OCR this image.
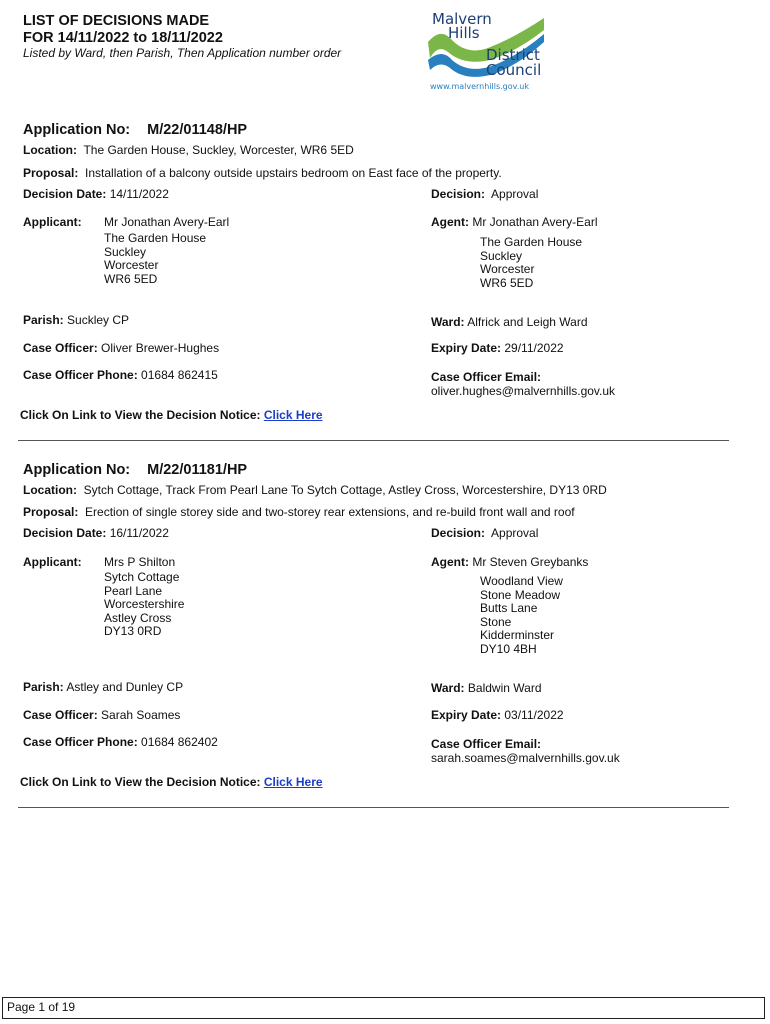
LIST OF DECISIONS MADE
FOR 14/11/2022 to 18/11/2022
Listed by Ward, then Parish, Then Application number order
Malvern
Hills
District
Council
www.malvernhills.gov.uk
Application No: M/22/01148/HP
Location: The Garden House, Suckley, Worcester, WR6 5ED
Proposal: Installation of a balcony outside upstairs bedroom on East face of the property.
Decision Date: 14/11/2022	Decision: Approval
Applicant: Mr Jonathan Avery-Earl
The Garden House
Suckley
Worcester
WR6 5ED
Agent: Mr Jonathan Avery-Earl
The Garden House
Suckley
Worcester
WR6 5ED
Parish: Suckley CP	Ward: Alfrick and Leigh Ward
Case Officer: Oliver Brewer-Hughes	Expiry Date: 29/11/2022
Case Officer Phone: 01684 862415	Case Officer Email:
oliver.hughes@malvernhills.gov.uk
Click On Link to View the Decision Notice: Click Here
Application No: M/22/01181/HP
Location: Sytch Cottage, Track From Pearl Lane To Sytch Cottage, Astley Cross, Worcestershire, DY13 0RD
Proposal: Erection of single storey side and two-storey rear extensions, and re-build front wall and roof
Decision Date: 16/11/2022	Decision: Approval
Applicant: Mrs P Shilton
Sytch Cottage
Pearl Lane
Worcestershire
Astley Cross
DY13 0RD
Agent: Mr Steven Greybanks
Woodland View
Stone Meadow
Butts Lane
Stone
Kidderminster
DY10 4BH
Parish: Astley and Dunley CP	Ward: Baldwin Ward
Case Officer: Sarah Soames	Expiry Date: 03/11/2022
Case Officer Phone: 01684 862402	Case Officer Email:
sarah.soames@malvernhills.gov.uk
Click On Link to View the Decision Notice: Click Here
Page 1 of 19
